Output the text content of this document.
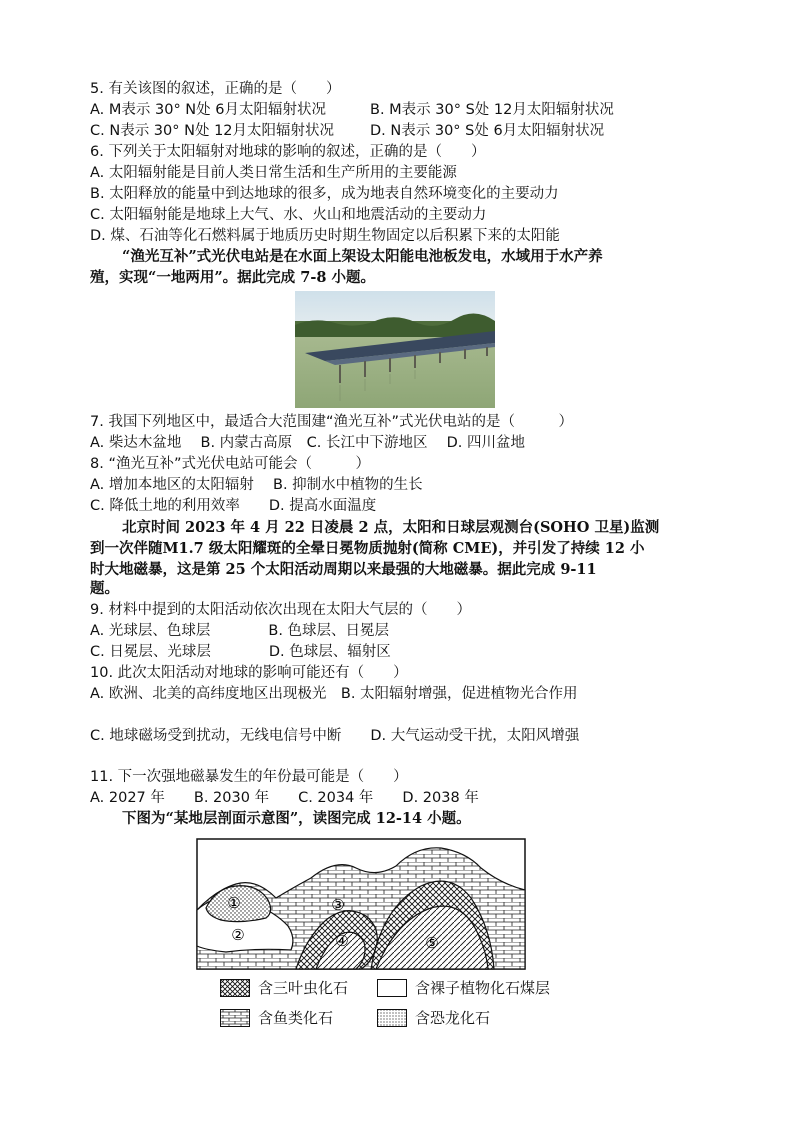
5. 有关该图的叙述，正确的是（　　）
A. M表示 30° N处 6月太阳辐射状况	B. M表示 30° S处 12月太阳辐射状况
C. N表示 30° N处 12月太阳辐射状况 D. N表示 30° S处 6月太阳辐射状况
6. 下列关于太阳辐射对地球的影响的叙述，正确的是（　　）
A. 太阳辐射能是目前人类日常生活和生产所用的主要能源
B. 太阳释放的能量中到达地球的很多，成为地表自然环境变化的主要动力
C. 太阳辐射能是地球上大气、水、火山和地震活动的主要动力
D. 煤、石油等化石燃料属于地质历史时期生物固定以后积累下来的太阳能
“渔光互补”式光伏电站是在水面上架设太阳能电池板发电，水域用于水产养
殖，实现“一地两用”。据此完成 7-8 小题。
7. 我国下列地区中，最适合大范围建“渔光互补”式光伏电站的是（　　　）
A. 柴达木盆地　 B. 内蒙古高原　C. 长江中下游地区　 D. 四川盆地
8. “渔光互补”式光伏电站可能会（　　　）
A. 增加本地区的太阳辐射　 B. 抑制水中植物的生长
C. 降低土地的利用效率　　D. 提高水面温度
北京时间 2023 年 4 月 22 日凌晨 2 点，太阳和日球层观测台(SOHO 卫星)监测
到一次伴随M1.7 级太阳耀斑的全晕日冕物质抛射(简称 CME)，并引发了持续 12 小
时大地磁暴，这是第 25 个太阳活动周期以来最强的大地磁暴。据此完成 9-11
题。
9. 材料中提到的太阳活动依次出现在太阳大气层的（　　）
A. 光球层、色球层　　　　B. 色球层、日冕层
C. 日冕层、光球层　　　　D. 色球层、辐射区
10. 此次太阳活动对地球的影响可能还有（　　）
A. 欧洲、北美的高纬度地区出现极光　B. 太阳辐射增强，促进植物光合作用
C. 地球磁场受到扰动，无线电信号中断　　D. 大气运动受干扰，太阳风增强
11. 下一次强地磁暴发生的年份最可能是（　　）
A. 2027 年　　B. 2030 年　　C. 2034 年　　D. 2038 年
下图为“某地层剖面示意图”，读图完成 12-14 小题。
①
②
③
④	⑤
含三叶虫化石	含裸子植物化石煤层
含鱼类化石	含恐龙化石
